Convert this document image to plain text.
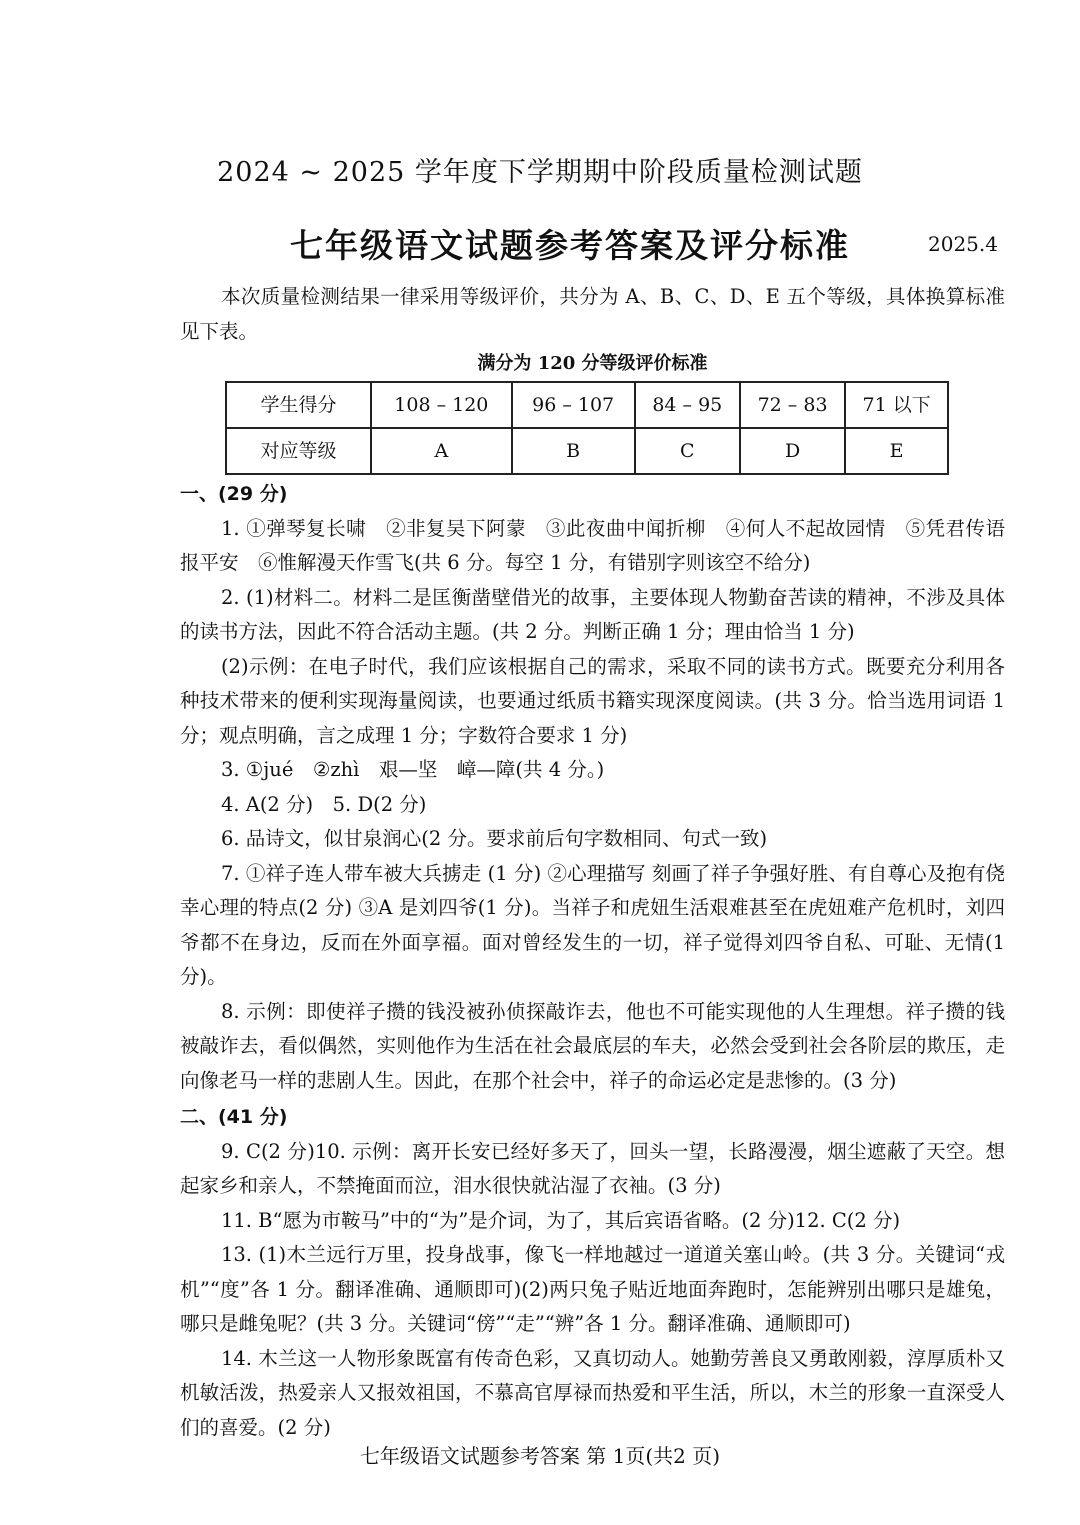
2024 ~ 2025 学年度下学期期中阶段质量检测试题
七年级语文试题参考答案及评分标准	2025.4

本次质量检测结果一律采用等级评价，共分为 A、B、C、D、E 五个等级，具体换算标准见下表。

满分为 120 分等级评价标准
学生得分	108 – 120	96 – 107	84 – 95	72 – 83	71 以下
对应等级	A	B	C	D	E
一、(29 分)

1. ①弹琴复长啸　②非复吴下阿蒙　③此夜曲中闻折柳　④何人不起故园情　⑤凭君传语报平安　⑥惟解漫天作雪飞(共 6 分。每空 1 分，有错别字则该空不给分)

2. (1)材料二。材料二是匡衡凿壁借光的故事，主要体现人物勤奋苦读的精神，不涉及具体的读书方法，因此不符合活动主题。(共 2 分。判断正确 1 分；理由恰当 1 分)

(2)示例：在电子时代，我们应该根据自己的需求，采取不同的读书方式。既要充分利用各种技术带来的便利实现海量阅读，也要通过纸质书籍实现深度阅读。(共 3 分。恰当选用词语 1 分；观点明确，言之成理 1 分；字数符合要求 1 分)

3. ①jué　②zhì　艰—坚　嶂—障(共 4 分。)

4. A(2 分)　5. D(2 分)

6. 品诗文，似甘泉润心(2 分。要求前后句字数相同、句式一致)

7. ①祥子连人带车被大兵掳走 (1 分) ②心理描写 刻画了祥子争强好胜、有自尊心及抱有侥幸心理的特点(2 分) ③A 是刘四爷(1 分)。当祥子和虎妞生活艰难甚至在虎妞难产危机时，刘四爷都不在身边，反而在外面享福。面对曾经发生的一切，祥子觉得刘四爷自私、可耻、无情(1 分)。

8. 示例：即使祥子攒的钱没被孙侦探敲诈去，他也不可能实现他的人生理想。祥子攒的钱被敲诈去，看似偶然，实则他作为生活在社会最底层的车夫，必然会受到社会各阶层的欺压，走向像老马一样的悲剧人生。因此，在那个社会中，祥子的命运必定是悲惨的。(3 分)

二、(41 分)

9. C(2 分)10. 示例：离开长安已经好多天了，回头一望，长路漫漫，烟尘遮蔽了天空。想起家乡和亲人，不禁掩面而泣，泪水很快就沾湿了衣袖。(3 分)

11. B“愿为市鞍马”中的“为”是介词，为了，其后宾语省略。(2 分)12. C(2 分)

13. (1)木兰远行万里，投身战事，像飞一样地越过一道道关塞山岭。(共 3 分。关键词“戎机”“度”各 1 分。翻译准确、通顺即可)(2)两只兔子贴近地面奔跑时，怎能辨别出哪只是雄兔，哪只是雌兔呢？(共 3 分。关键词“傍”“走”“辨”各 1 分。翻译准确、通顺即可)

14. 木兰这一人物形象既富有传奇色彩，又真切动人。她勤劳善良又勇敢刚毅，淳厚质朴又机敏活泼，热爱亲人又报效祖国，不慕高官厚禄而热爱和平生活，所以，木兰的形象一直深受人们的喜爱。(2 分)

七年级语文试题参考答案 第 1页(共2 页)
